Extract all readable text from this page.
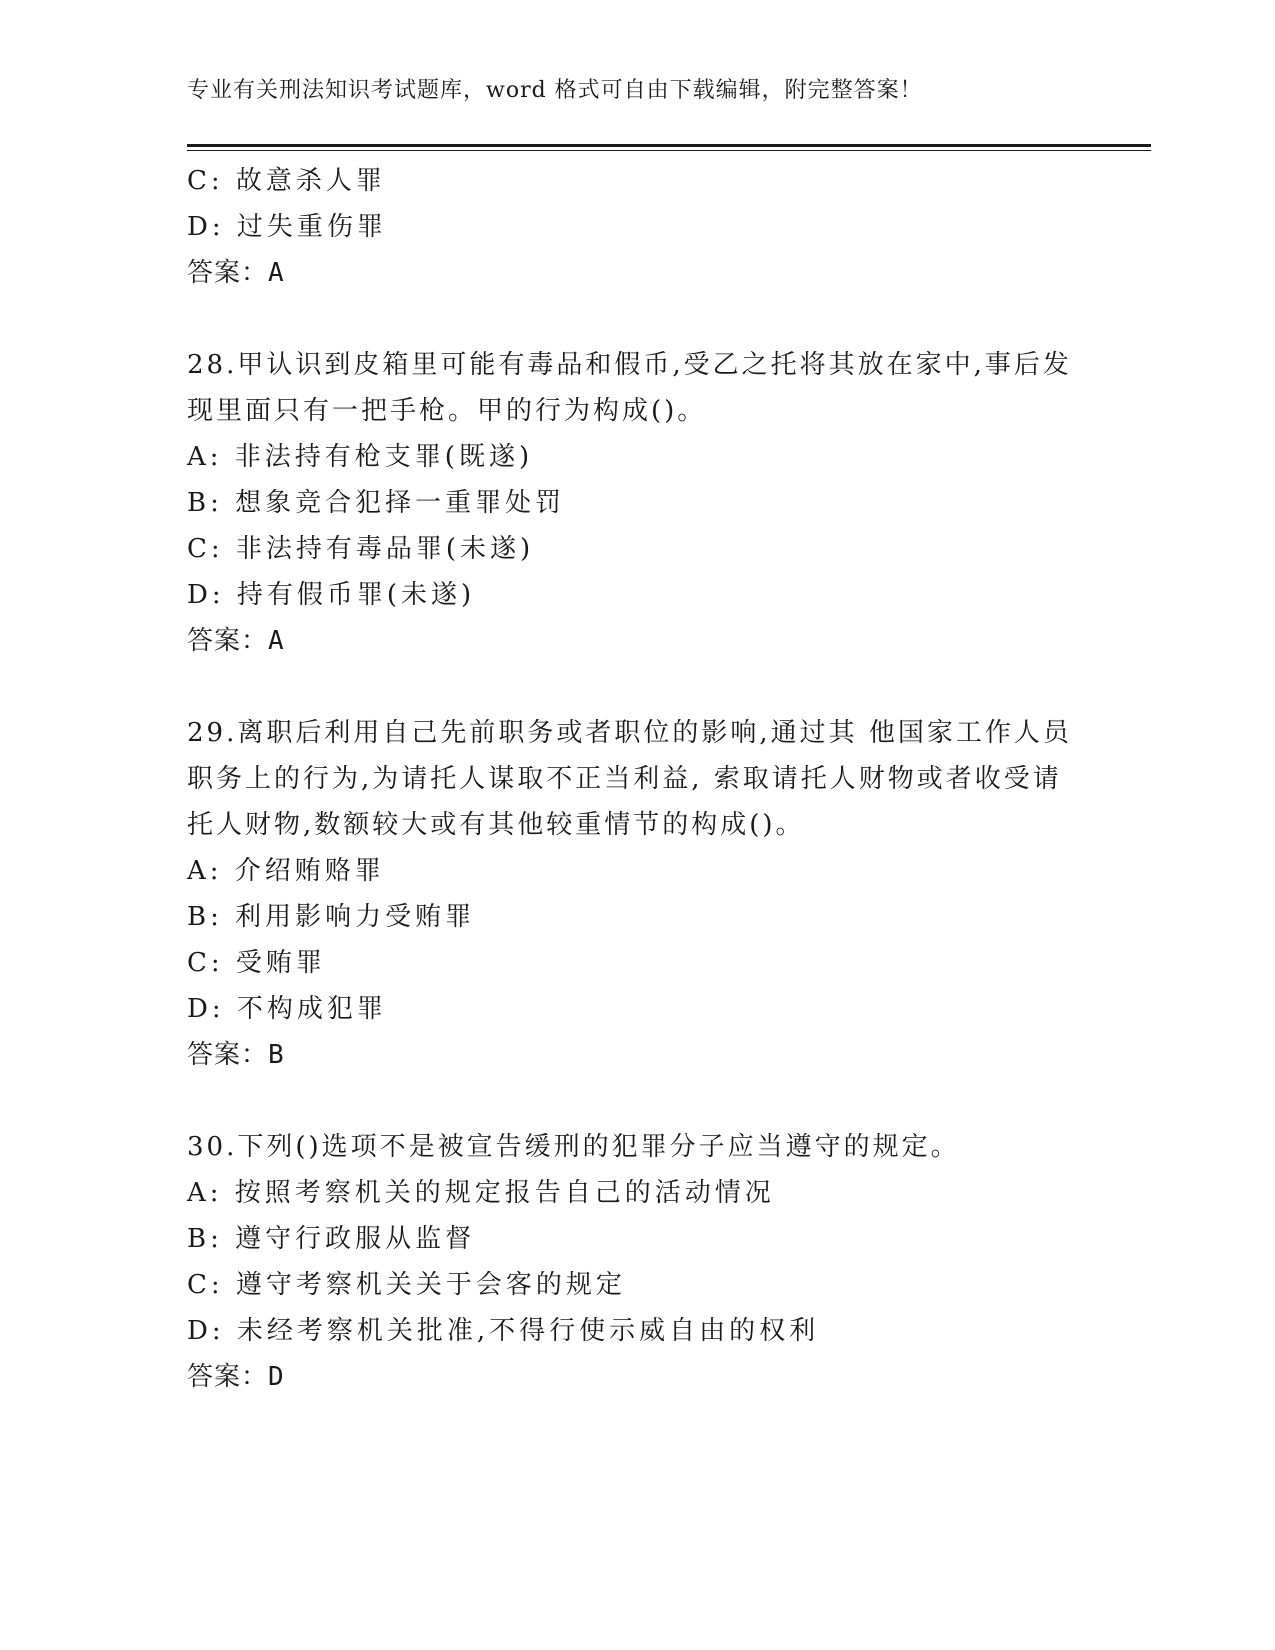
专业有关刑法知识考试题库，word 格式可自由下载编辑，附完整答案！
C: 故意杀人罪
D: 过失重伤罪
答案：A
28.甲认识到皮箱里可能有毒品和假币,受乙之托将其放在家中,事后发
现里面只有一把手枪。甲的行为构成()。
A: 非法持有枪支罪(既遂)
B: 想象竞合犯择一重罪处罚
C: 非法持有毒品罪(未遂)
D: 持有假币罪(未遂)
答案：A
29.离职后利用自己先前职务或者职位的影响,通过其 他国家工作人员
职务上的行为,为请托人谋取不正当利益, 索取请托人财物或者收受请
托人财物,数额较大或有其他较重情节的构成()。
A: 介绍贿赂罪
B: 利用影响力受贿罪
C: 受贿罪
D: 不构成犯罪
答案：B
30.下列()选项不是被宣告缓刑的犯罪分子应当遵守的规定。
A: 按照考察机关的规定报告自己的活动情况
B: 遵守行政服从监督
C: 遵守考察机关关于会客的规定
D: 未经考察机关批准,不得行使示威自由的权利
答案：D
